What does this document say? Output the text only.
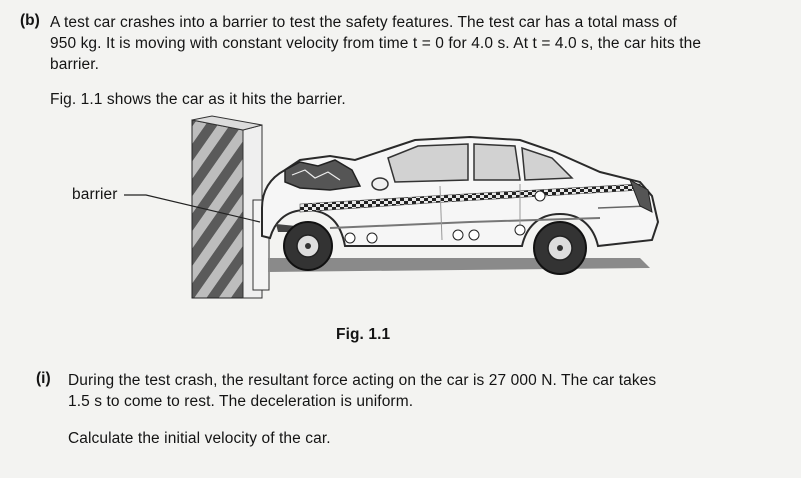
(b) A test car crashes into a barrier to test the safety features. The test car has a total mass of
950 kg. It is moving with constant velocity from time t = 0 for 4.0 s. At t = 4.0 s, the car hits the
barrier.
Fig. 1.1 shows the car as it hits the barrier.
barrier
Fig. 1.1
(i) During the test crash, the resultant force acting on the car is 27 000 N. The car takes
1.5 s to come to rest. The deceleration is uniform.
Calculate the initial velocity of the car.
